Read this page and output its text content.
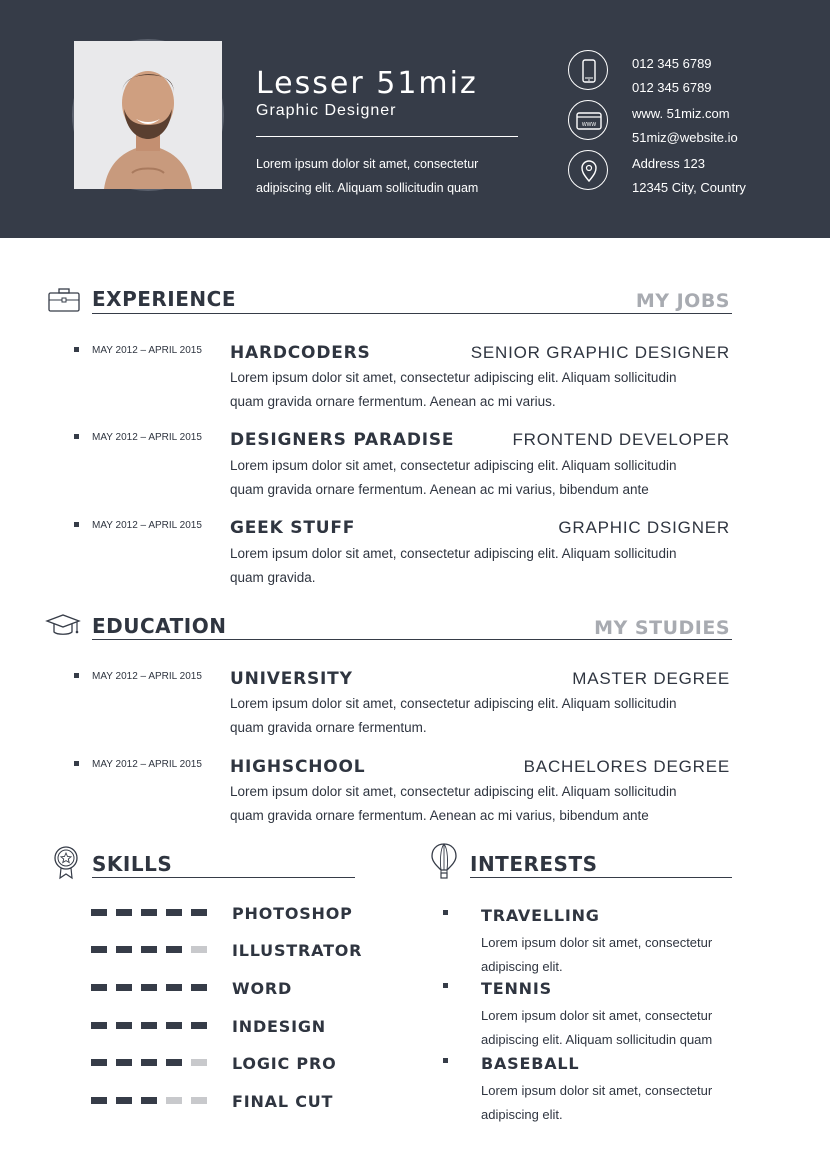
Lesser 51miz
Graphic Designer
Lorem ipsum dolor sit amet, consectetur adipiscing elit. Aliquam sollicitudin quam
WWW
012 345 6789
012 345 6789
www. 51miz.com
51miz@website.io
Address 123
12345 City, Country
EXPERIENCE	MY JOBS
MAY 2012 – APRIL 2015 HARDCODERS	SENIOR GRAPHIC DESIGNER
Lorem ipsum dolor sit amet, consectetur adipiscing elit. Aliquam sollicitudin
quam gravida ornare fermentum. Aenean ac mi varius.
MAY 2012 – APRIL 2015 DESIGNERS PARADISE	FRONTEND DEVELOPER
Lorem ipsum dolor sit amet, consectetur adipiscing elit. Aliquam sollicitudin
quam gravida ornare fermentum. Aenean ac mi varius, bibendum ante
MAY 2012 – APRIL 2015 GEEK STUFF	GRAPHIC DSIGNER
Lorem ipsum dolor sit amet, consectetur adipiscing elit. Aliquam sollicitudin
quam gravida.
EDUCATION	MY STUDIES
MAY 2012 – APRIL 2015 UNIVERSITY	MASTER DEGREE
Lorem ipsum dolor sit amet, consectetur adipiscing elit. Aliquam sollicitudin
quam gravida ornare fermentum.
MAY 2012 – APRIL 2015 HIGHSCHOOL	BACHELORES DEGREE
Lorem ipsum dolor sit amet, consectetur adipiscing elit. Aliquam sollicitudin
quam gravida ornare fermentum. Aenean ac mi varius, bibendum ante
SKILLS
PHOTOSHOP
ILLUSTRATOR
WORD
INDESIGN
LOGIC PRO
FINAL CUT
INTERESTS
TRAVELLING
Lorem ipsum dolor sit amet, consectetur adipiscing elit.
TENNIS
Lorem ipsum dolor sit amet, consectetur adipiscing elit. Aliquam sollicitudin quam
BASEBALL
Lorem ipsum dolor sit amet, consectetur adipiscing elit.
